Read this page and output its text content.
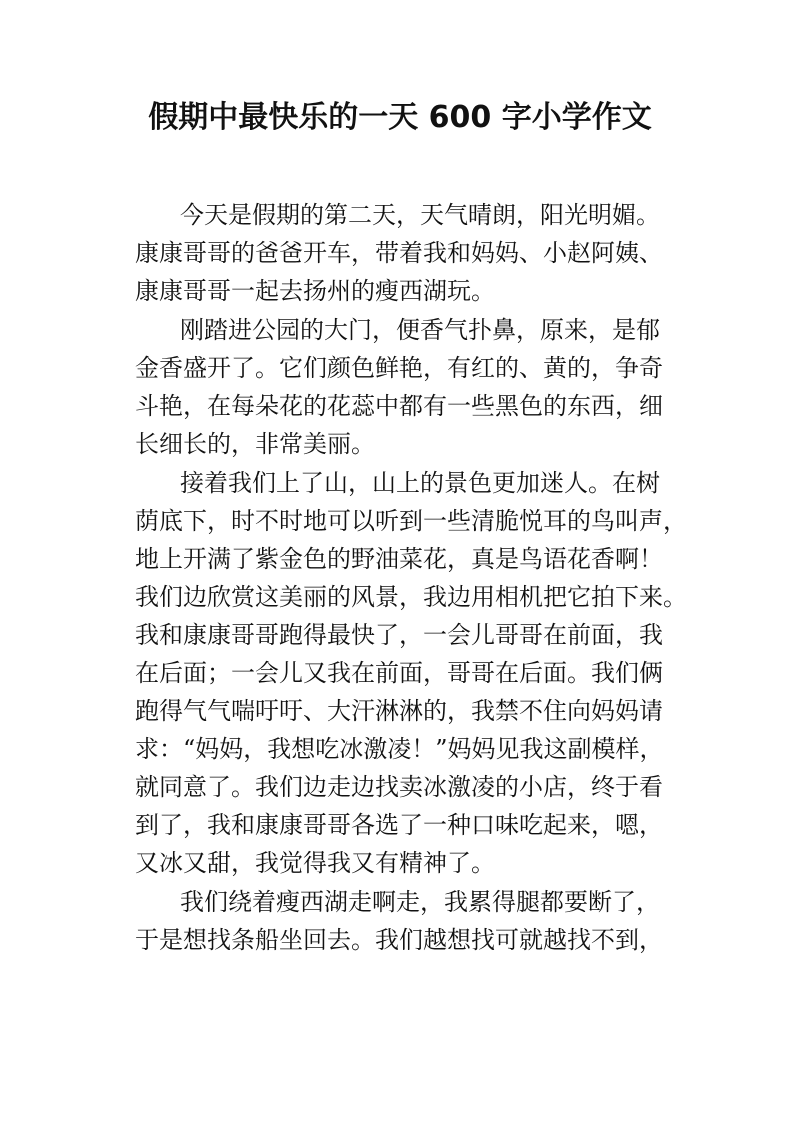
假期中最快乐的一天 600 字小学作文
今天是假期的第二天，天气晴朗，阳光明媚。
康康哥哥的爸爸开车，带着我和妈妈、小赵阿姨、
康康哥哥一起去扬州的瘦西湖玩。
刚踏进公园的大门，便香气扑鼻，原来，是郁
金香盛开了。它们颜色鲜艳，有红的、黄的，争奇
斗艳，在每朵花的花蕊中都有一些黑色的东西，细
长细长的，非常美丽。
接着我们上了山，山上的景色更加迷人。在树
荫底下，时不时地可以听到一些清脆悦耳的鸟叫声，
地上开满了紫金色的野油菜花，真是鸟语花香啊！
我们边欣赏这美丽的风景，我边用相机把它拍下来。
我和康康哥哥跑得最快了，一会儿哥哥在前面，我
在后面；一会儿又我在前面，哥哥在后面。我们俩
跑得气气喘吁吁、大汗淋淋的，我禁不住向妈妈请
求：“妈妈，我想吃冰激凌！”妈妈见我这副模样，
就同意了。我们边走边找卖冰激凌的小店，终于看
到了，我和康康哥哥各选了一种口味吃起来，嗯，
又冰又甜，我觉得我又有精神了。
我们绕着瘦西湖走啊走，我累得腿都要断了，
于是想找条船坐回去。我们越想找可就越找不到，
